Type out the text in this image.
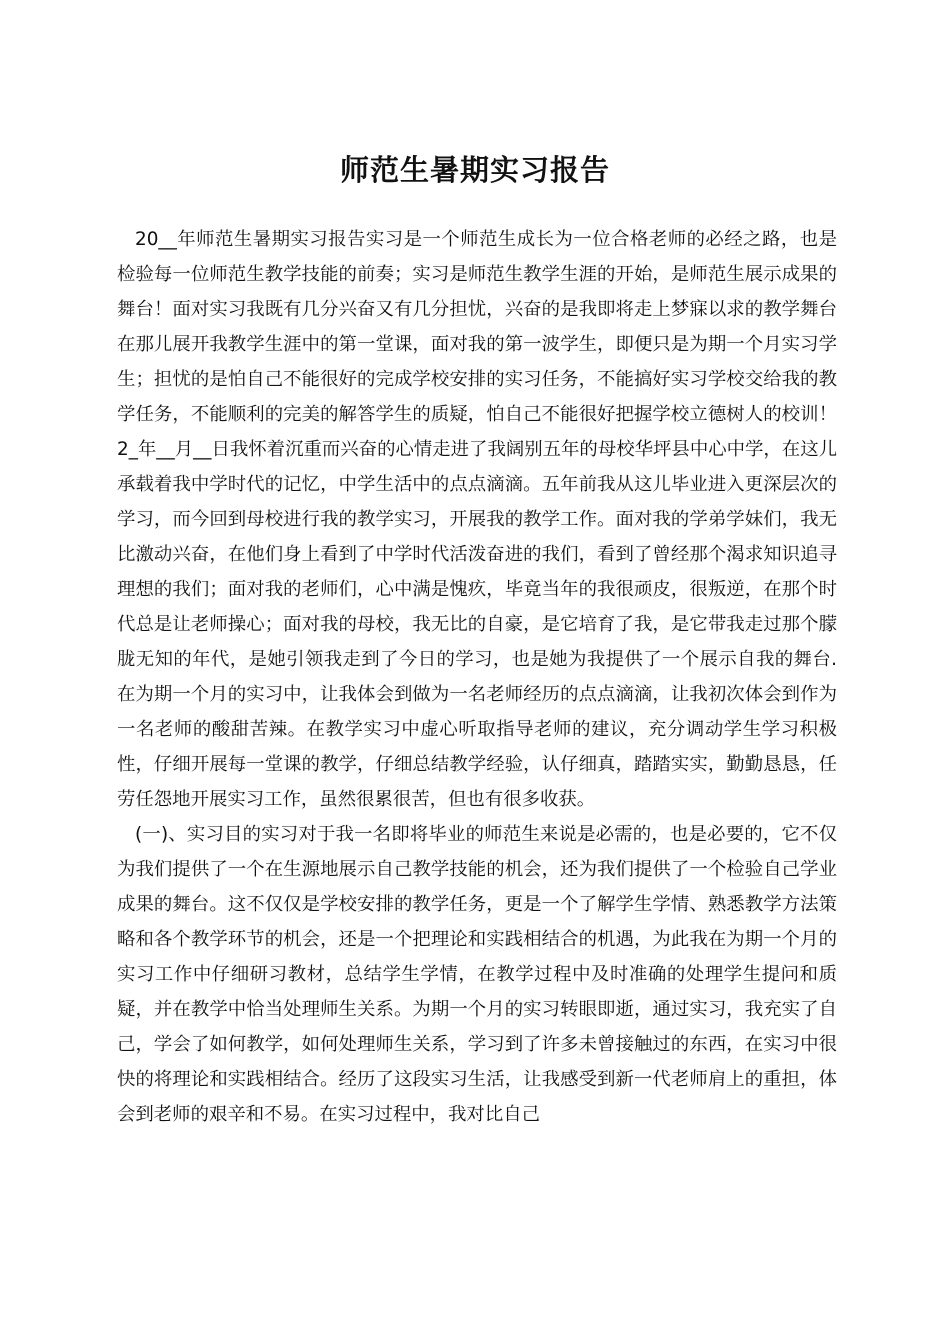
师范生暑期实习报告

20__年师范生暑期实习报告实习是一个师范生成长为一位合格老师的必经之路，也是检验每一位师范生教学技能的前奏；实习是师范生教学生涯的开始，是师范生展示成果的舞台！面对实习我既有几分兴奋又有几分担忧，兴奋的是我即将走上梦寐以求的教学舞台在那儿展开我教学生涯中的第一堂课，面对我的第一波学生，即便只是为期一个月实习学生；担忧的是怕自己不能很好的完成学校安排的实习任务，不能搞好实习学校交给我的教学任务，不能顺利的完美的解答学生的质疑，怕自己不能很好把握学校立德树人的校训！2_年__月__日我怀着沉重而兴奋的心情走进了我阔别五年的母校华坪县中心中学，在这儿承载着我中学时代的记忆，中学生活中的点点滴滴。五年前我从这儿毕业进入更深层次的学习，而今回到母校进行我的教学实习，开展我的教学工作。面对我的学弟学妹们，我无比激动兴奋，在他们身上看到了中学时代活泼奋进的我们，看到了曾经那个渴求知识追寻理想的我们；面对我的老师们，心中满是愧疚，毕竟当年的我很顽皮，很叛逆，在那个时代总是让老师操心；面对我的母校，我无比的自豪，是它培育了我，是它带我走过那个朦胧无知的年代，是她引领我走到了今日的学习，也是她为我提供了一个展示自我的舞台.在为期一个月的实习中，让我体会到做为一名老师经历的点点滴滴，让我初次体会到作为一名老师的酸甜苦辣。在教学实习中虚心听取指导老师的建议，充分调动学生学习积极性，仔细开展每一堂课的教学，仔细总结教学经验，认仔细真，踏踏实实，勤勤恳恳，任劳任怨地开展实习工作，虽然很累很苦，但也有很多收获。

(一)、实习目的实习对于我一名即将毕业的师范生来说是必需的，也是必要的，它不仅为我们提供了一个在生源地展示自己教学技能的机会，还为我们提供了一个检验自己学业成果的舞台。这不仅仅是学校安排的教学任务，更是一个了解学生学情、熟悉教学方法策略和各个教学环节的机会，还是一个把理论和实践相结合的机遇，为此我在为期一个月的实习工作中仔细研习教材，总结学生学情，在教学过程中及时准确的处理学生提问和质疑，并在教学中恰当处理师生关系。为期一个月的实习转眼即逝，通过实习，我充实了自己，学会了如何教学，如何处理师生关系，学习到了许多未曾接触过的东西，在实习中很快的将理论和实践相结合。经历了这段实习生活，让我感受到新一代老师肩上的重担，体会到老师的艰辛和不易。在实习过程中，我对比自己
